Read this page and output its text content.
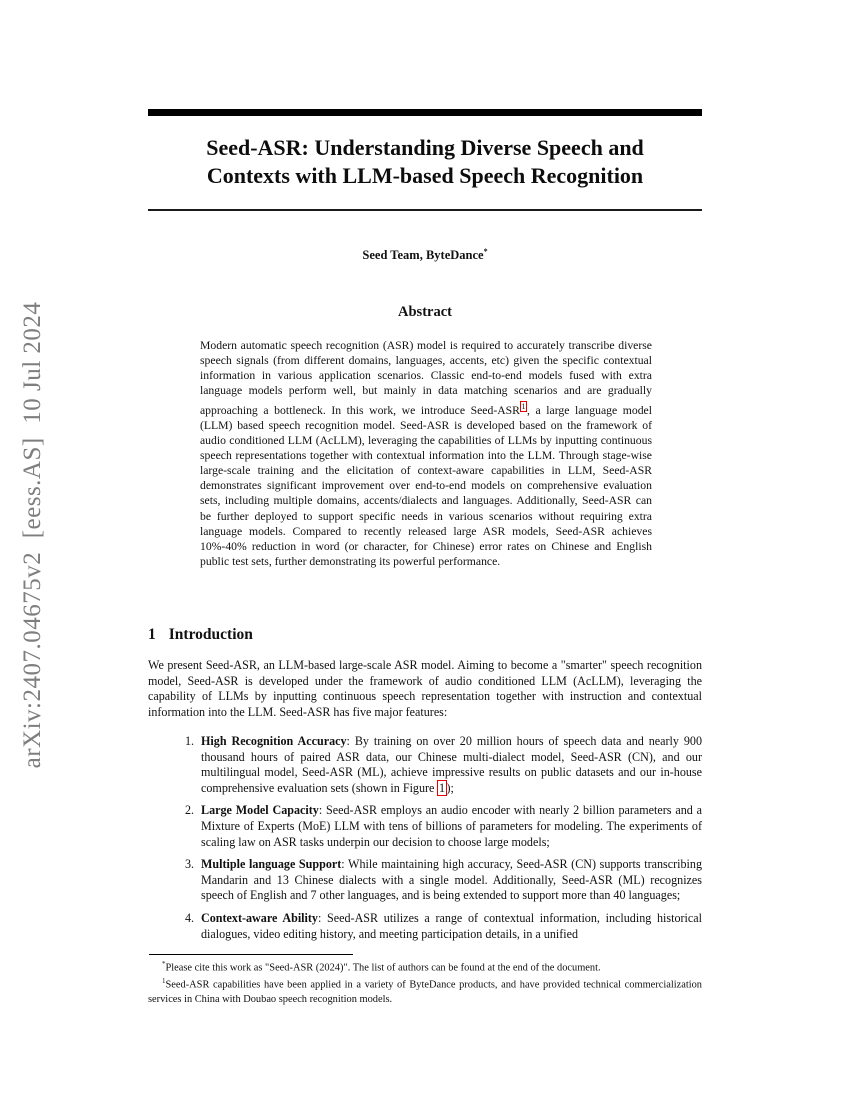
arXiv:2407.04675v2  [eess.AS]  10 Jul 2024
Seed-ASR: Understanding Diverse Speech and
Contexts with LLM-based Speech Recognition
Seed Team, ByteDance*
Abstract

Modern automatic speech recognition (ASR) model is required to accurately transcribe diverse speech signals (from different domains, languages, accents, etc) given the specific contextual information in various application scenarios. Classic end-to-end models fused with extra language models perform well, but mainly in data matching scenarios and are gradually approaching a bottleneck. In this work, we introduce Seed-ASR $^1$ , a large language model (LLM) based speech recognition model. Seed-ASR is developed based on the framework of audio conditioned LLM (AcLLM), leveraging the capabilities of LLMs by inputting continuous speech representations together with contextual information into the LLM. Through stage-wise large-scale training and the elicitation of context-aware capabilities in LLM, Seed-ASR demonstrates significant improvement over end-to-end models on comprehensive evaluation sets, including multiple domains, accents/dialects and languages. Additionally, Seed-ASR can be further deployed to support specific needs in various scenarios without requiring extra language models. Compared to recently released large ASR models, Seed-ASR achieves 10%-40% reduction in word (or character, for Chinese) error rates on Chinese and English public test sets, further demonstrating its powerful performance.

1 Introduction

We present Seed-ASR, an LLM-based large-scale ASR model. Aiming to become a "smarter" speech recognition model, Seed-ASR is developed under the framework of audio conditioned LLM (AcLLM), leveraging the capability of LLMs by inputting continuous speech representation together with instruction and contextual information into the LLM. Seed-ASR has five major features:

1. High Recognition Accuracy: By training on over 20 million hours of speech data and nearly 900 thousand hours of paired ASR data, our Chinese multi-dialect model, Seed-ASR (CN), and our multilingual model, Seed-ASR (ML), achieve impressive results on public datasets and our in-house comprehensive evaluation sets (shown in Figure 1 );
2. Large Model Capacity: Seed-ASR employs an audio encoder with nearly 2 billion parameters and a Mixture of Experts (MoE) LLM with tens of billions of parameters for modeling. The experiments of scaling law on ASR tasks underpin our decision to choose large models;
3. Multiple language Support: While maintaining high accuracy, Seed-ASR (CN) supports transcribing Mandarin and 13 Chinese dialects with a single model. Additionally, Seed-ASR (ML) recognizes speech of English and 7 other languages, and is being extended to support more than 40 languages;
4. Context-aware Ability: Seed-ASR utilizes a range of contextual information, including historical dialogues, video editing history, and meeting participation details, in a unified

*Please cite this work as "Seed-ASR (2024)". The list of authors can be found at the end of the document.

$^1$Seed-ASR capabilities have been applied in a variety of ByteDance products, and have provided technical commercialization services in China with Doubao speech recognition models.
